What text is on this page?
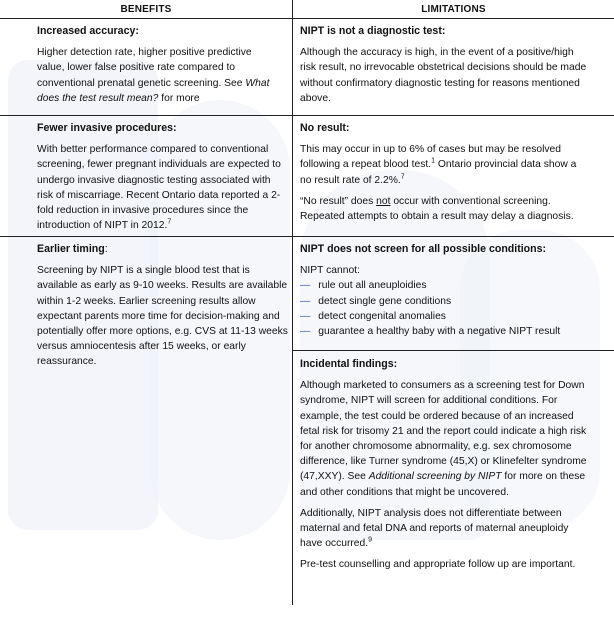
BENEFITS	LIMITATIONS
Increased accuracy:

Higher detection rate, higher positive predictive value, lower false positive rate compared to conventional prenatal genetic screening. See What does the test result mean? for more

NIPT is not a diagnostic test:

Although the accuracy is high, in the event of a positive/high risk result, no irrevocable obstetrical decisions should be made without confirmatory diagnostic testing for reasons mentioned above.

Fewer invasive procedures:

With better performance compared to conventional screening, fewer pregnant individuals are expected to undergo invasive diagnostic testing associated with risk of miscarriage. Recent Ontario data reported a 2-fold reduction in invasive procedures since the introduction of NIPT in 2012.$^7$

No result:

This may occur in up to 6% of cases but may be resolved following a repeat blood test.$^1$ Ontario provincial data show a no result rate of 2.2%.$^7$

“No result” does not occur with conventional screening. Repeated attempts to obtain a result may delay a diagnosis.

Earlier timing:

Screening by NIPT is a single blood test that is available as early as 9-10 weeks. Results are available within 1-2 weeks. Earlier screening results allow expectant parents more time for decision-making and potentially offer more options, e.g. CVS at 11-13 weeks versus amniocentesis after 15 weeks, or early reassurance.

NIPT does not screen for all possible conditions:

NIPT cannot:

— rule out all aneuploidies
— detect single gene conditions
— detect congenital anomalies
— guarantee a healthy baby with a negative NIPT result
Incidental findings:

Although marketed to consumers as a screening test for Down syndrome, NIPT will screen for additional conditions. For example, the test could be ordered because of an increased fetal risk for trisomy 21 and the report could indicate a high risk for another chromosome abnormality, e.g. sex chromosome difference, like Turner syndrome (45,X) or Klinefelter syndrome (47,XXY). See Additional screening by NIPT for more on these and other conditions that might be uncovered.

Additionally, NIPT analysis does not differentiate between maternal and fetal DNA and reports of maternal aneuploidy have occurred.$^9$

Pre-test counselling and appropriate follow up are important.
